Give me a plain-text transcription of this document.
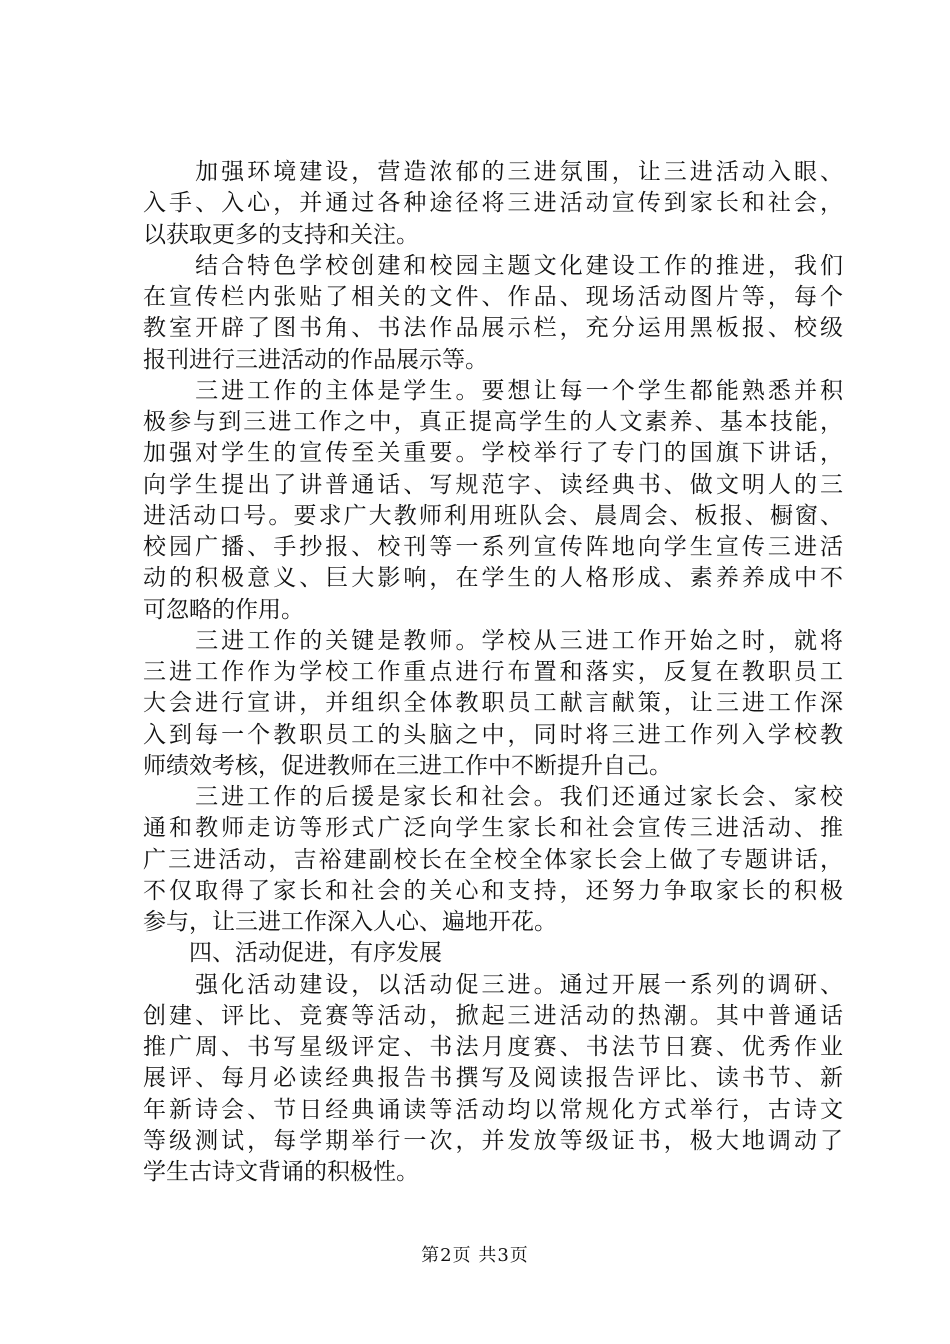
　　加强环境建设，营造浓郁的三进氛围，让三进活动入眼、
入手、入心，并通过各种途径将三进活动宣传到家长和社会，
以获取更多的支持和关注。
　　结合特色学校创建和校园主题文化建设工作的推进，我们
在宣传栏内张贴了相关的文件、作品、现场活动图片等，每个
教室开辟了图书角、书法作品展示栏，充分运用黑板报、校级
报刊进行三进活动的作品展示等。
　　三进工作的主体是学生。要想让每一个学生都能熟悉并积
极参与到三进工作之中，真正提高学生的人文素养、基本技能，
加强对学生的宣传至关重要。学校举行了专门的国旗下讲话，
向学生提出了讲普通话、写规范字、读经典书、做文明人的三
进活动口号。要求广大教师利用班队会、晨周会、板报、橱窗、
校园广播、手抄报、校刊等一系列宣传阵地向学生宣传三进活
动的积极意义、巨大影响，在学生的人格形成、素养养成中不
可忽略的作用。
　　三进工作的关键是教师。学校从三进工作开始之时，就将
三进工作作为学校工作重点进行布置和落实，反复在教职员工
大会进行宣讲，并组织全体教职员工献言献策，让三进工作深
入到每一个教职员工的头脑之中，同时将三进工作列入学校教
师绩效考核，促进教师在三进工作中不断提升自己。
　　三进工作的后援是家长和社会。我们还通过家长会、家校
通和教师走访等形式广泛向学生家长和社会宣传三进活动、推
广三进活动，吉裕建副校长在全校全体家长会上做了专题讲话，
不仅取得了家长和社会的关心和支持，还努力争取家长的积极
参与，让三进工作深入人心、遍地开花。
　　四、活动促进，有序发展
　　强化活动建设，以活动促三进。通过开展一系列的调研、
创建、评比、竞赛等活动，掀起三进活动的热潮。其中普通话
推广周、书写星级评定、书法月度赛、书法节日赛、优秀作业
展评、每月必读经典报告书撰写及阅读报告评比、读书节、新
年新诗会、节日经典诵读等活动均以常规化方式举行，古诗文
等级测试，每学期举行一次，并发放等级证书，极大地调动了
学生古诗文背诵的积极性。
第2页 共3页
